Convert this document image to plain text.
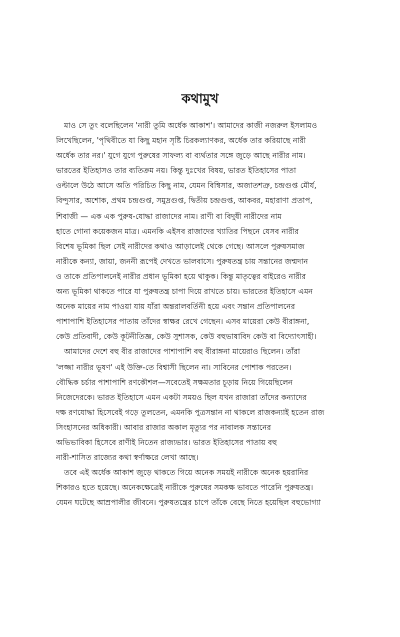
কথামুখ
মাও সে তুং বলেছিলেন 'নারী তুমি অর্ধেক আকাশ'। আমাদের কাজী নজরুল ইসলামও
লিখেছিলেন, 'পৃথিবীতে যা কিছু মহান সৃষ্টি চিরকল্যাণকর, অর্ধেক তার করিয়াছে নারী
অর্ধেক তার নর।' যুগে যুগে পুরুষের সাফল্য বা ব্যর্থতার সঙ্গে জুড়ে আছে নারীর নাম।
ভারতের ইতিহাসও তার ব্যতিক্রম নয়। কিন্তু দুঃখের বিষয়, ভারত ইতিহাসের পাতা
ওল্টালে উঠে আসে অতি পরিচিত কিছু নাম, যেমন বিম্বিসার, অজাতশত্রু, চন্দ্রগুপ্ত মৌর্য,
বিন্দুসার, অশোক, প্রথম চন্দ্রগুপ্ত, সমুদ্রগুপ্ত, দ্বিতীয় চন্দ্রগুপ্ত, আকবর, মহারাণা প্রতাপ,
শিবাজী — এক এক পুরুষ-যোদ্ধা রাজাদের নাম। রাণী বা বিদুষী নারীদের নাম
হাতে গোনা কয়েকজন মাত্র। এমনকি এইসব রাজাদের খ্যাতির পিছনে যেসব নারীর
বিশেষ ভূমিকা ছিল সেই নারীদের কথাও আড়ালেই থেকে গেছে। আসলে পুরুষসমাজ
নারীকে কন্যা, জায়া, জননী রূপেই দেখতে ভালবাসে। পুরুষতন্ত্র চায় সন্তানের জন্মদান
ও তাকে প্রতিপালনেই নারীর প্রধান ভূমিকা হয়ে থাকুক। কিন্তু মাতৃত্বের বাইরেও নারীর
অন্য ভূমিকা থাকতে পারে যা পুরুষতন্ত্র চাপা দিয়ে রাখতে চায়। ভারতের ইতিহাসে এমন
অনেক মায়ের নাম পাওয়া যায় যাঁরা অন্তরালবর্তিনী হয়ে এবং সন্তান প্রতিপালনের
পাশাপাশি ইতিহাসের পাতায় তাঁদের স্বাক্ষর রেখে গেছেন। এসব মায়েরা কেউ বীরাঙ্গনা,
কেউ প্রতিবাদী, কেউ কূটনীতিজ্ঞ, কেউ সুশাসক, কেউ বহুভাষাবিদ কেউ বা বিদ্যোৎসাহী।
আমাদের দেশে বহু বীর রাজাদের পাশাপাশি বহু বীরাঙ্গনা মায়েরাও ছিলেন। তাঁরা
'লজ্জা নারীর ভূষণ' এই উক্তি-তে বিশ্বাসী ছিলেন না। সাবিনের পোশাক পরতেন।
বৌদ্ধিক চর্চার পাশাপাশি রণকৌশল—সবেতেই সক্ষমতার চূড়ায় নিয়ে গিয়েছিলেন
নিজেদেরকে। ভারত ইতিহাসে এমন একটা সময়ও ছিল যখন রাজারা তাঁদের কন্যাদের
দক্ষ রণযোদ্ধা হিসেবেই গড়ে তুলতেন, এমনকি পুত্রসন্তান না থাকলে রাজকন্যাই হতেন রাজ
সিংহাসনের অধিকারী। আবার রাজার অকাল মৃত্যুর পর নাবালক সন্তানের
অভিভাবিকা হিসেবে রাণীই নিতেন রাজ্যভার। ভারত ইতিহাসের পাতায় বহু
নারী-শাসিত রাজ্যের কথা স্বর্ণাক্ষরে লেখা আছে।
তবে এই অর্ধেক আকাশ জুড়ে থাকতে গিয়ে অনেক সময়ই নারীকে অনেক হয়রানির
শিকারও হতে হয়েছে। অনেকক্ষেত্রেই নারীকে পুরুষের সমকক্ষ ভাবতে পারেনি পুরুষতন্ত্র।
যেমন ঘটেছে আম্রপালীর জীবনে। পুরুষতন্ত্রের চাপে তাঁকে বেছে নিতে হয়েছিল বহুভোগ্যা
